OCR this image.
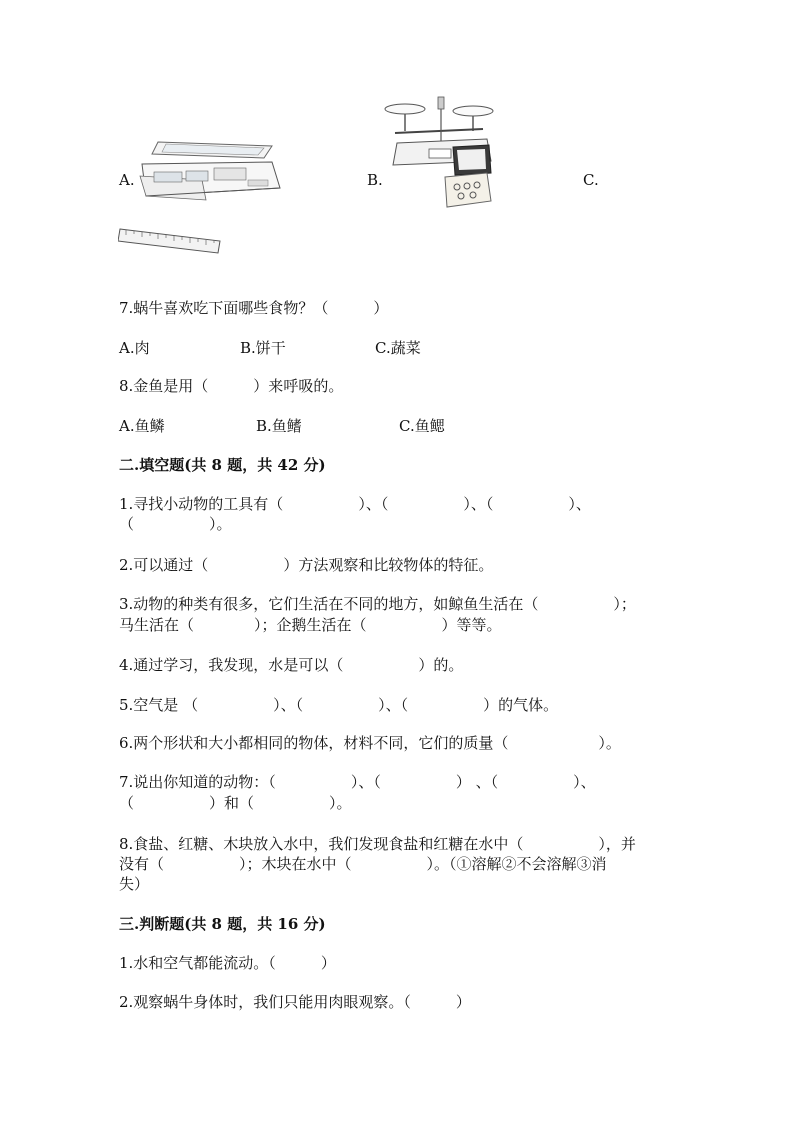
A.	B.	C.
7.蜗牛喜欢吃下面哪些食物？（　　　）
A.肉	B.饼干	C.蔬菜
8.金鱼是用（　　　）来呼吸的。
A.鱼鳞	B.鱼鳍	C.鱼鳃
二.填空题(共 8 题，共 42 分)
1.寻找小动物的工具有（　　　　　）、（　　　　　）、（　　　　　）、
（　　　　　）。
2.可以通过（　　　　　）方法观察和比较物体的特征。
3.动物的种类有很多，它们生活在不同的地方，如鲸鱼生活在（　　　　　）；
马生活在（　　　　）；企鹅生活在（　　　　　）等等。
4.通过学习，我发现，水是可以（　　　　　）的。
5.空气是 （　　　　　）、（　　　　　）、（　　　　　）的气体。
6.两个形状和大小都相同的物体，材料不同，它们的质量（　　　　　　）。
7.说出你知道的动物：（　　　　　）、（　　　　　） 、（　　　　　）、
（　　　　　）和（　　　　　）。
8.食盐、红糖、木块放入水中，我们发现食盐和红糖在水中（　　　　　），并
没有（　　　　　）；木块在水中（　　　　　）。（①溶解②不会溶解③消
失）
三.判断题(共 8 题，共 16 分)
1.水和空气都能流动。（　　　）
2.观察蜗牛身体时，我们只能用肉眼观察。（　　　）
